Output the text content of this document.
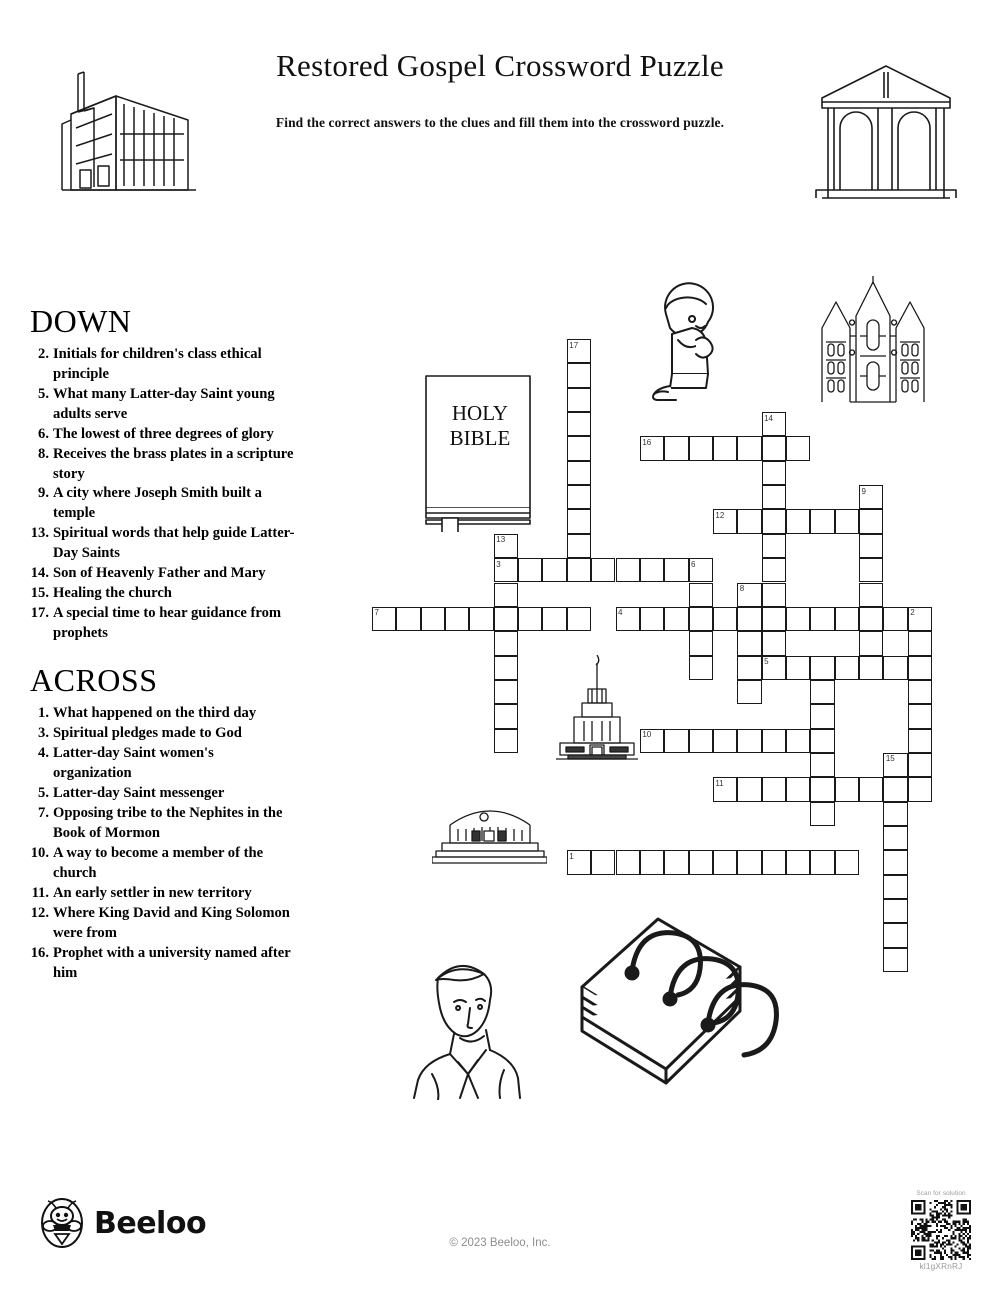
Restored Gospel Crossword Puzzle
Find the correct answers to the clues and fill them into the crossword puzzle.
DOWN
2. Initials for children's class ethical principle
5. What many Latter-day Saint young adults serve
6. The lowest of three degrees of glory
8. Receives the brass plates in a scripture story
9. A city where Joseph Smith built a temple
13. Spiritual words that help guide Latter-Day Saints
14. Son of Heavenly Father and Mary
15. Healing the church
17. A special time to hear guidance from prophets
ACROSS
1. What happened on the third day
3. Spiritual pledges made to God
4. Latter-day Saint women's organization
5. Latter-day Saint messenger
7. Opposing tribe to the Nephites in the Book of Mormon
10. A way to become a member of the church
11. An early settler in new territory
12. Where King David and King Solomon were from
16. Prophet with a university named after him
17
14
16
9
12
13
3	6
8
7	4	2
5
10
15
11
1
HOLY
BIBLE
Beeloo
© 2023 Beeloo, Inc.
Scan for solution
kl1gXRnRJ
